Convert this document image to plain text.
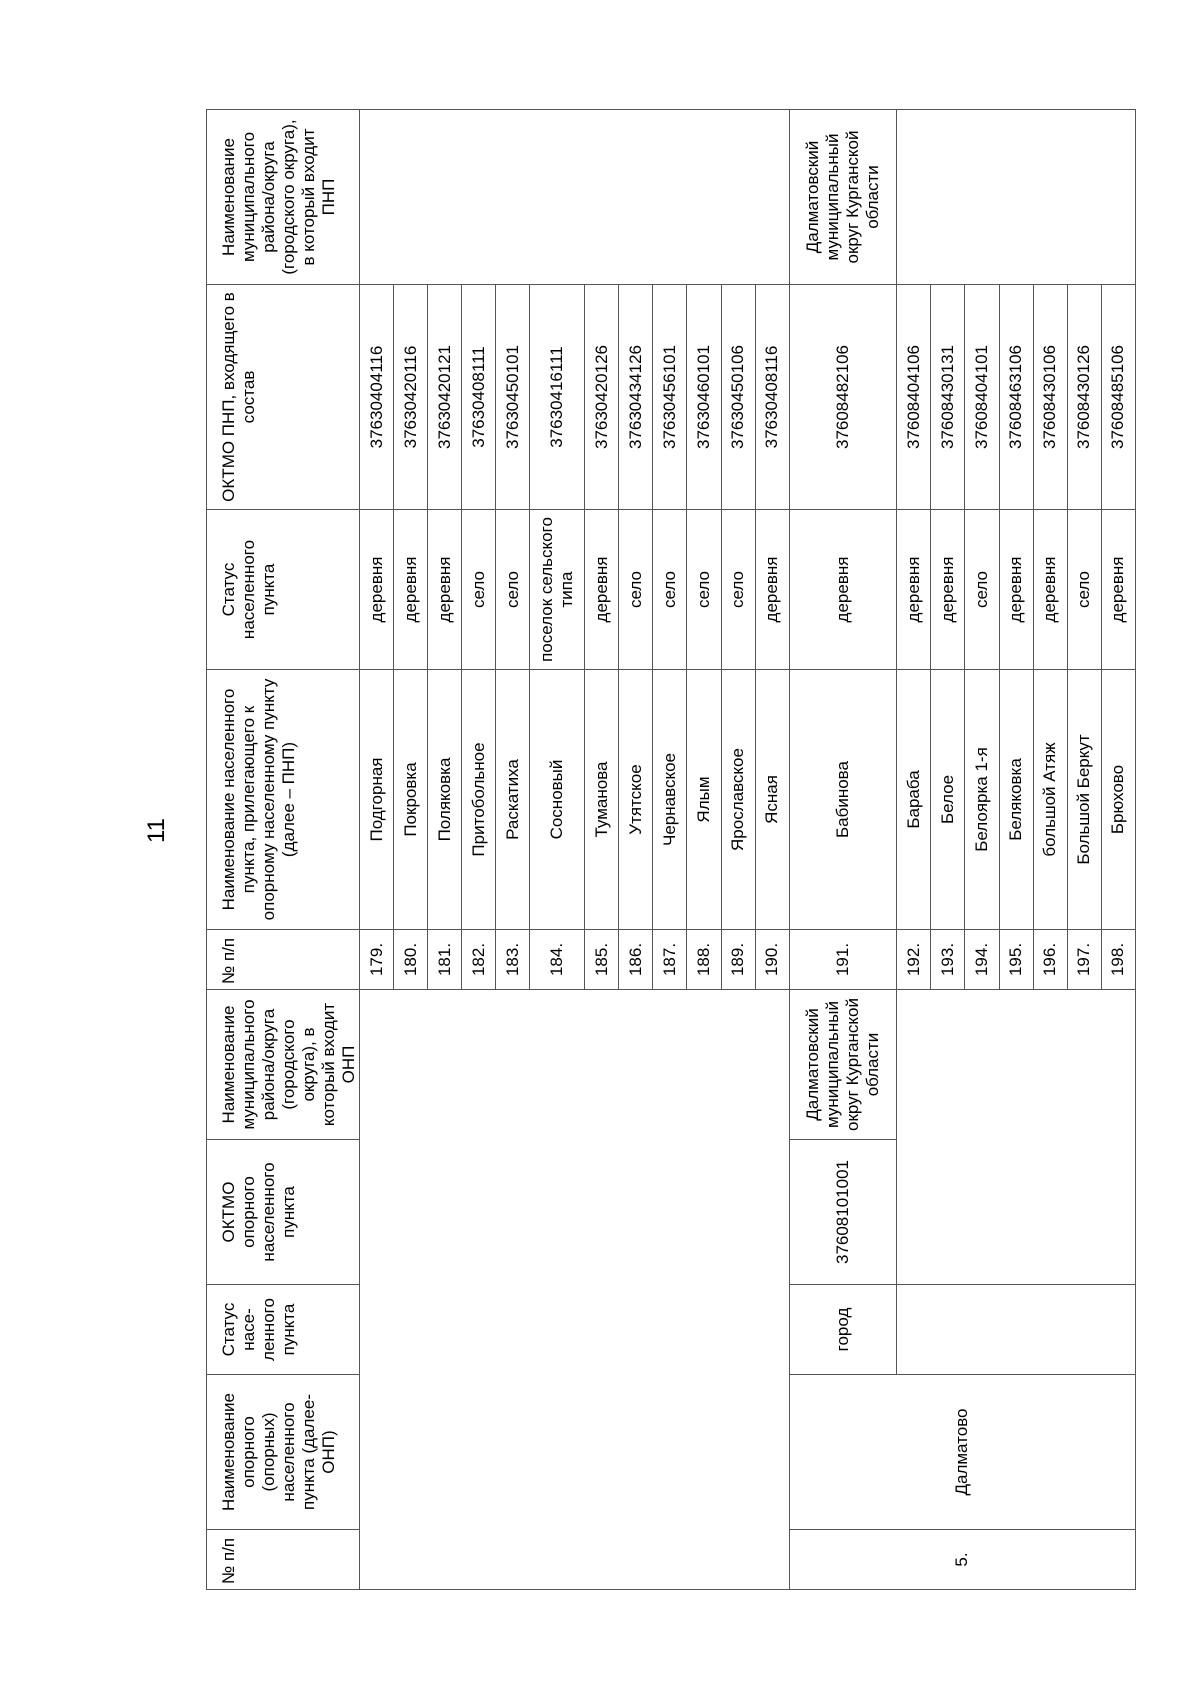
11
№ п/п	Наименование опорного (опорных) населенного пункта (далее- ОНП)	Статус насе-ленного пункта	ОКТМО опорного населенного пункта	Наименование муниципального района/округа (городского округа), в который входит ОНП	№ п/п	Наименование населенного пункта, прилегающего к опорному населенному пункту (далее – ПНП)	Статус населенного пункта	ОКТМО ПНП, входящего в состав	Наименование муниципального района/округа (городского округа), в который входит ПНП
					179.	Подгорная	деревня	37630404116	
					180.	Покровка	деревня	37630420116	
					181.	Поляковка	деревня	37630420121	
					182.	Притобольное	село	37630408111	
					183.	Раскатиха	село	37630450101	
					184.	Сосновый	поселок сельского типа	37630416111	
					185.	Туманова	деревня	37630420126	
					186.	Утятское	село	37630434126	
					187.	Чернавское	село	37630456101	
					188.	Ялым	село	37630460101	
					189.	Ярославское	село	37630450106	
					190.	Ясная	деревня	37630408116	
5.	Далматово	город	37608101001	Далматовский муниципальный округ Курганской области	191.	Бабинова	деревня	37608482106	Далматовский муниципальный округ Курганской области
					192.	Бараба	деревня	37608404106	
					193.	Белое	деревня	37608430131	
					194.	Белоярка 1-я	село	37608404101	
					195.	Беляковка	деревня	37608463106	
					196.	большой Атяж	деревня	37608430106	
					197.	Большой Беркут	село	37608430126	
					198.	Брюхово	деревня	37608485106	
